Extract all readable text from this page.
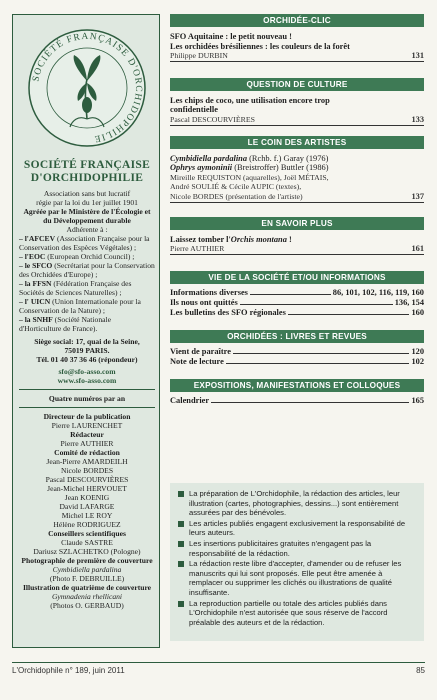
SOCIÉTÉ FRANÇAISE D'ORCHIDOPHILIE
SOCIÉTÉ FRANÇAISE
D'ORCHIDOPHILIE
Association sans but lucratif
régie par la loi du 1er juillet 1901
Agréée par le Ministère de l'Écologie et
du Développement durable
Adhérente à :
– l'AFCEV (Association Française pour la Conservation des Espèces Végétales) ;
– l'EOC (European Orchid Council) ;
– le SFCO (Secrétariat pour la Conservation des Orchidées d'Europe) ;
– la FFSN (Fédération Française des Sociétés de Sciences Naturelles) ;
– l' UICN (Union Internationale pour la Conservation de la Nature) ;
– la SNHF (Société Nationale d'Horticulture de France).
Siège social: 17, quai de la Seine,
75019 PARIS.
Tél. 01 40 37 36 46 (répondeur)
sfo@sfo-asso.com
www.sfo-asso.com
Quatre numéros par an
Directeur de la publication
Pierre LAURENCHET
Rédacteur
Pierre AUTHIER
Comité de rédaction
Jean-Pierre AMARDEILH
Nicole BORDES
Pascal DESCOURVIÈRES
Jean-Michel HERVOUET
Jean KOENIG
David LAFARGE
Michel LE ROY
Hélène RODRIGUEZ
Conseillers scientifiques
Claude SASTRE
Dariusz SZLACHETKO (Pologne)
Photographie de première de couverture
Cymbidiella pardalina
(Photo F. DEBRUILLE)
Illustration de quatrième de couverture
Gymnadenia rhellicani
(Photos O. GERBAUD)
ORCHIDÉE-CLIC
SFO Aquitaine : le petit nouveau !
Les orchidées brésiliennes : les couleurs de la forêt
Philippe DURBIN	131
QUESTION DE CULTURE
Les chips de coco, une utilisation encore trop
confidentielle
Pascal DESCOURVIÈRES	133
LE COIN DES ARTISTES
Cymbidiella pardalina (Rchb. f.) Garay (1976)
Ophrys aymoninii (Breistroffer) Buttler (1986)
Mireille REQUISTON (aquarelles), Joël MÉTAIS,
André SOULIÉ & Cécile AUPIC (textes),
Nicole BORDES (présentation de l'artiste)	137
EN SAVOIR PLUS
Laissez tomber l'Orchis montana !
Pierre AUTHIER	161
VIE DE LA SOCIÉTÉ ET/OU INFORMATIONS
Informations diverses	86, 101, 102, 116, 119, 160
Ils nous ont quittés	136, 154
Les bulletins des SFO régionales	160
ORCHIDÉES : LIVRES ET REVUES
Vient de paraître	120
Note de lecture	102
EXPOSITIONS, MANIFESTATIONS ET COLLOQUES
Calendrier	165
La préparation de L'Orchidophile, la rédaction des articles, leur illustration (cartes, photographies, dessins...) sont entièrement assurées par des bénévoles.
Les articles publiés engagent exclusivement la responsabilité de leurs auteurs.
Les insertions publicitaires gratuites n'engagent pas la responsabilité de la rédaction.
La rédaction reste libre d'accepter, d'amender ou de refuser les manuscrits qui lui sont proposés. Elle peut être amenée à remplacer ou supprimer les clichés ou illustrations de qualité insuffisante.
La reproduction partielle ou totale des articles publiés dans L'Orchidophile n'est autorisée que sous réserve de l'accord préalable des auteurs et de la rédaction.
L'Orchidophile n° 189, juin 2011	85
